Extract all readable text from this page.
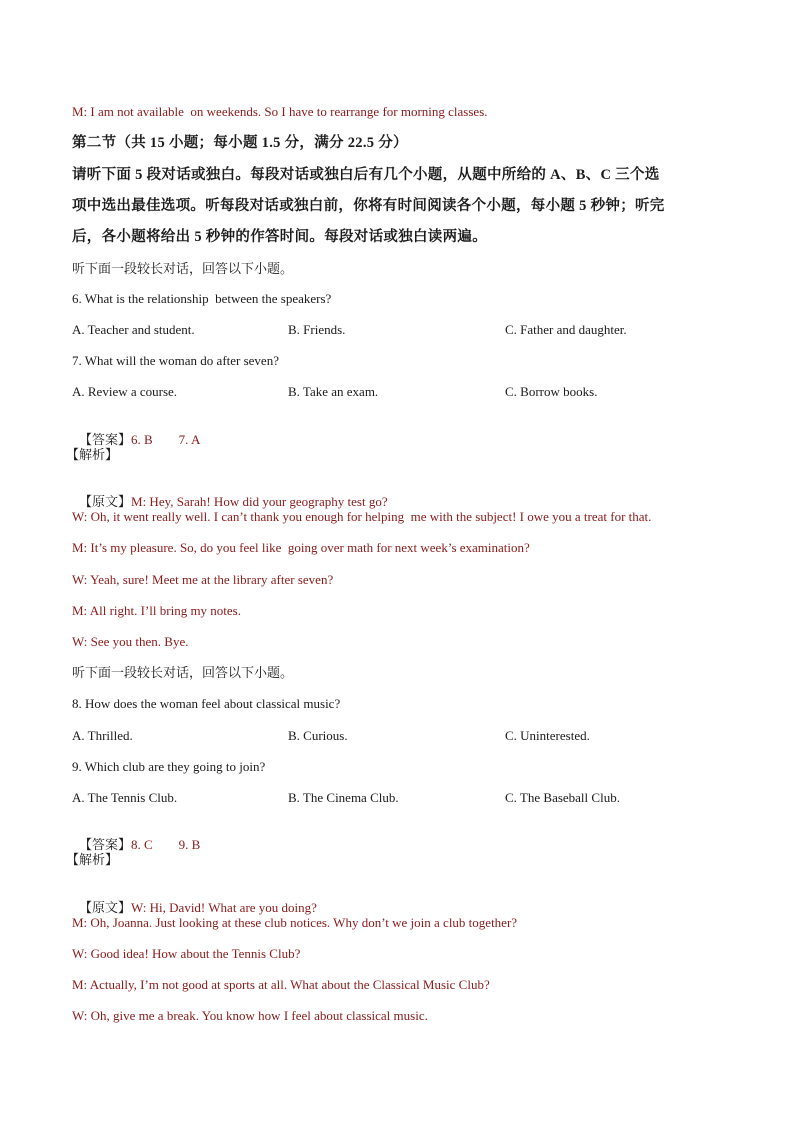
M: I am not available  on weekends. So I have to rearrange for morning classes.
第二节（共 15 小题；每小题 1.5 分，满分 22.5 分）
请听下面 5 段对话或独白。每段对话或独白后有几个小题，从题中所给的 A、B、C 三个选
项中选出最佳选项。听每段对话或独白前，你将有时间阅读各个小题，每小题 5 秒钟；听完
后，各小题将给出 5 秒钟的作答时间。每段对话或独白读两遍。
听下面一段较长对话，回答以下小题。
6. What is the relationship  between the speakers?
A. Teacher and student.	B. Friends.	C. Father and daughter.
7. What will the woman do after seven?
A. Review a course.	B. Take an exam.	C. Borrow books.

【答案】6. B        7. A

【解析】

【原文】M: Hey, Sarah! How did your geography test go?

W: Oh, it went really well. I can’t thank you enough for helping  me with the subject! I owe you a treat for that.
M: It’s my pleasure. So, do you feel like  going over math for next week’s examination?
W: Yeah, sure! Meet me at the library after seven?
M: All right. I’ll bring my notes.
W: See you then. Bye.
听下面一段较长对话，回答以下小题。
8. How does the woman feel about classical music?
A. Thrilled.	B. Curious.	C. Uninterested.
9. Which club are they going to join?
A. The Tennis Club.	B. The Cinema Club.	C. The Baseball Club.

【答案】8. C        9. B

【解析】

【原文】W: Hi, David! What are you doing?

M: Oh, Joanna. Just looking at these club notices. Why don’t we join a club together?
W: Good idea! How about the Tennis Club?
M: Actually, I’m not good at sports at all. What about the Classical Music Club?
W: Oh, give me a break. You know how I feel about classical music.
